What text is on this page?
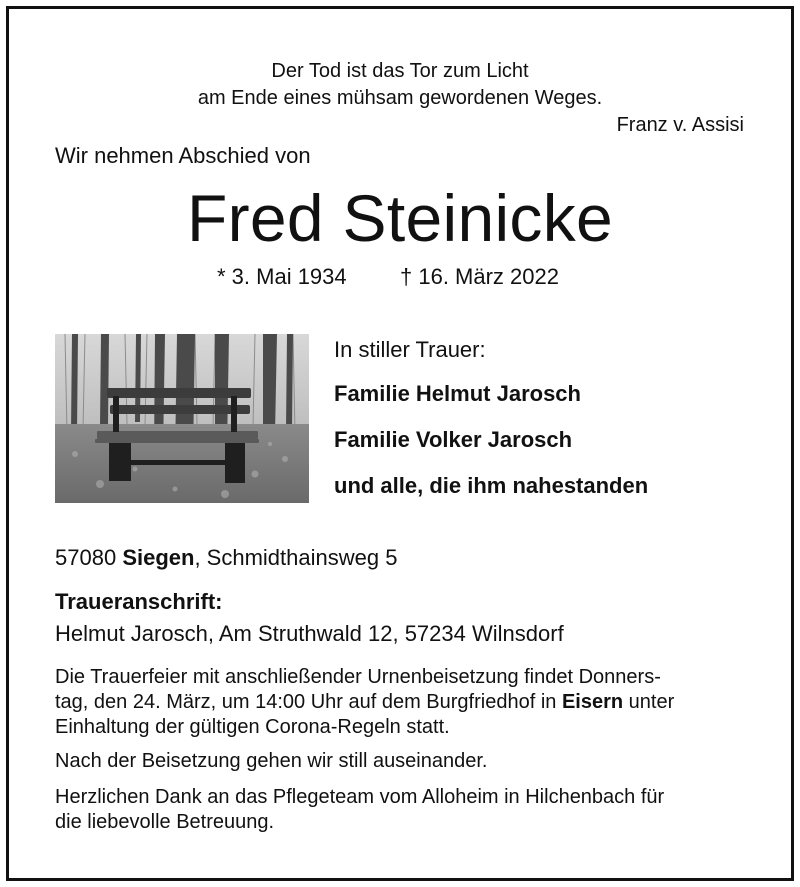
Der Tod ist das Tor zum Licht
am Ende eines mühsam gewordenen Weges.
Franz v. Assisi
Wir nehmen Abschied von
Fred Steinicke
* 3. Mai 1934 † 16. März 2022
In stiller Trauer:
Familie Helmut Jarosch
Familie Volker Jarosch
und alle, die ihm nahestanden
57080 Siegen, Schmidthainsweg 5
Traueranschrift:
Helmut Jarosch, Am Struthwald 12, 57234 Wilnsdorf
Die Trauerfeier mit anschließender Urnenbeisetzung findet Donners-
tag, den 24. März, um 14:00 Uhr auf dem Burgfriedhof in Eisern unter
Einhaltung der gültigen Corona-Regeln statt.
Nach der Beisetzung gehen wir still auseinander.
Herzlichen Dank an das Pflegeteam vom Alloheim in Hilchenbach für
die liebevolle Betreuung.
